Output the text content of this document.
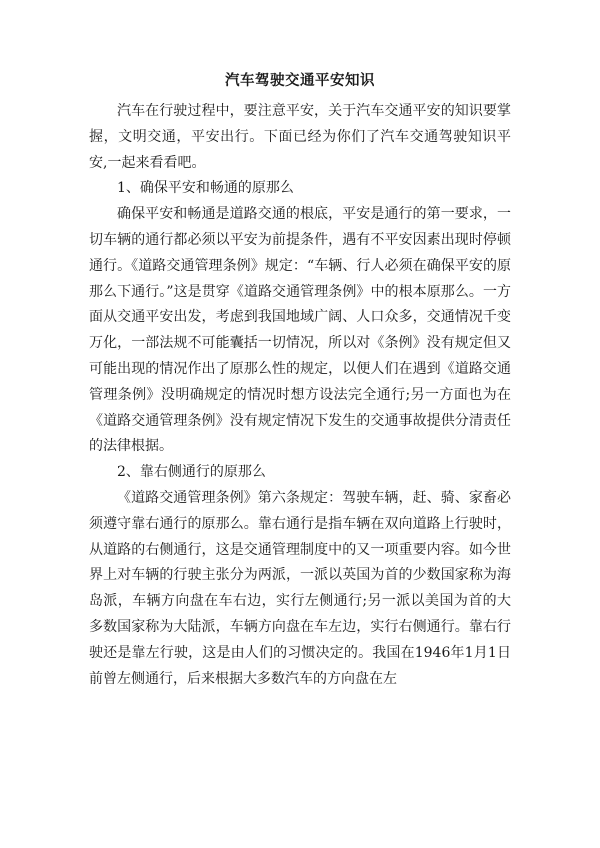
汽车驾驶交通平安知识

汽车在行驶过程中，要注意平安，关于汽车交通平安的知识要掌握，文明交通，平安出行。下面已经为你们了汽车交通驾驶知识平安,一起来看看吧。

1、确保平安和畅通的原那么

确保平安和畅通是道路交通的根底，平安是通行的第一要求，一切车辆的通行都必须以平安为前提条件，遇有不平安因素出现时停顿通行。《道路交通管理条例》规定：“车辆、行人必须在确保平安的原那么下通行。”这是贯穿《道路交通管理条例》中的根本原那么。一方面从交通平安出发，考虑到我国地域广阔、人口众多，交通情况千变万化，一部法规不可能囊括一切情况，所以对《条例》没有规定但又可能出现的情况作出了原那么性的规定，以便人们在遇到《道路交通管理条例》没明确规定的情况时想方设法完全通行;另一方面也为在《道路交通管理条例》没有规定情况下发生的交通事故提供分清责任的法律根据。

2、靠右侧通行的原那么

《道路交通管理条例》第六条规定：驾驶车辆，赶、骑、家畜必须遵守靠右通行的原那么。靠右通行是指车辆在双向道路上行驶时，从道路的右侧通行，这是交通管理制度中的又一项重要内容。如今世界上对车辆的行驶主张分为两派，一派以英国为首的少数国家称为海岛派，车辆方向盘在车右边，实行左侧通行;另一派以美国为首的大多数国家称为大陆派，车辆方向盘在车左边，实行右侧通行。靠右行驶还是靠左行驶，这是由人们的习惯决定的。我国在1946年1月1日前曾左侧通行，后来根据大多数汽车的方向盘在左
